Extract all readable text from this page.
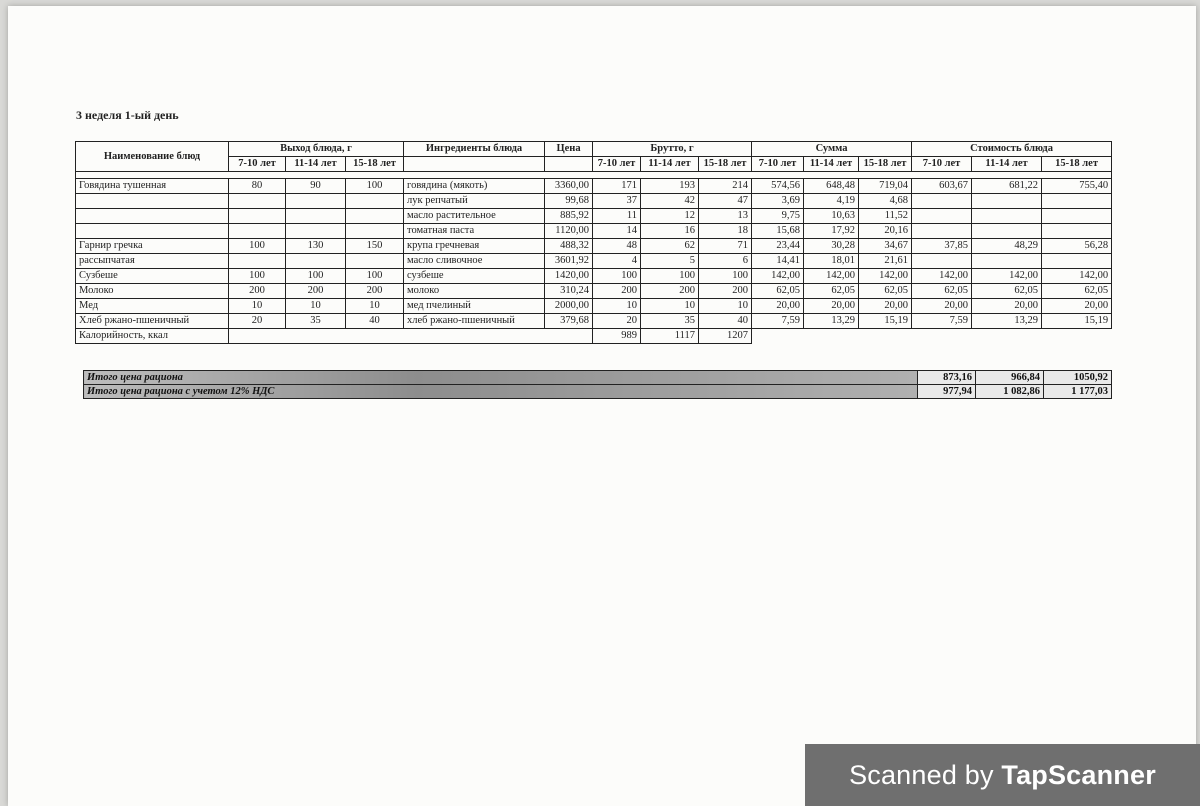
3 неделя 1-ый день
Наименование блюд	Выход блюда, г			Ингредиенты блюда	Цена	Брутто, г			Сумма			Стоимость блюда		
	7-10 лет	11-14 лет	15-18 лет			7-10 лет	11-14 лет	15-18 лет	7-10 лет	11-14 лет	15-18 лет	7-10 лет	11-14 лет	15-18 лет

Говядина тушенная	80	90	100	говядина (мякоть)	3360,00	171	193	214	574,56	648,48	719,04	603,67	681,22	755,40
				лук репчатый	99,68	37	42	47	3,69	4,19	4,68			
				масло растительное	885,92	11	12	13	9,75	10,63	11,52			
				томатная паста	1120,00	14	16	18	15,68	17,92	20,16			
Гарнир гречка	100	130	150	крупа гречневая	488,32	48	62	71	23,44	30,28	34,67	37,85	48,29	56,28
рассыпчатая				масло сливочное	3601,92	4	5	6	14,41	18,01	21,61			
Сузбеше	100	100	100	сузбеше	1420,00	100	100	100	142,00	142,00	142,00	142,00	142,00	142,00
Молоко	200	200	200	молоко	310,24	200	200	200	62,05	62,05	62,05	62,05	62,05	62,05
Мед	10	10	10	мед пчелиный	2000,00	10	10	10	20,00	20,00	20,00	20,00	20,00	20,00
Хлеб ржано-пшеничный	20	35	40	хлеб ржано-пшеничный	379,68	20	35	40	7,59	13,29	15,19	7,59	13,29	15,19
Калорийность, ккал						989	1117	1207						
Итого цена рациона	873,16	966,84	1050,92
Итого цена рациона с учетом 12% НДС	977,94	1 082,86	1 177,03
Scanned by TapScanner
